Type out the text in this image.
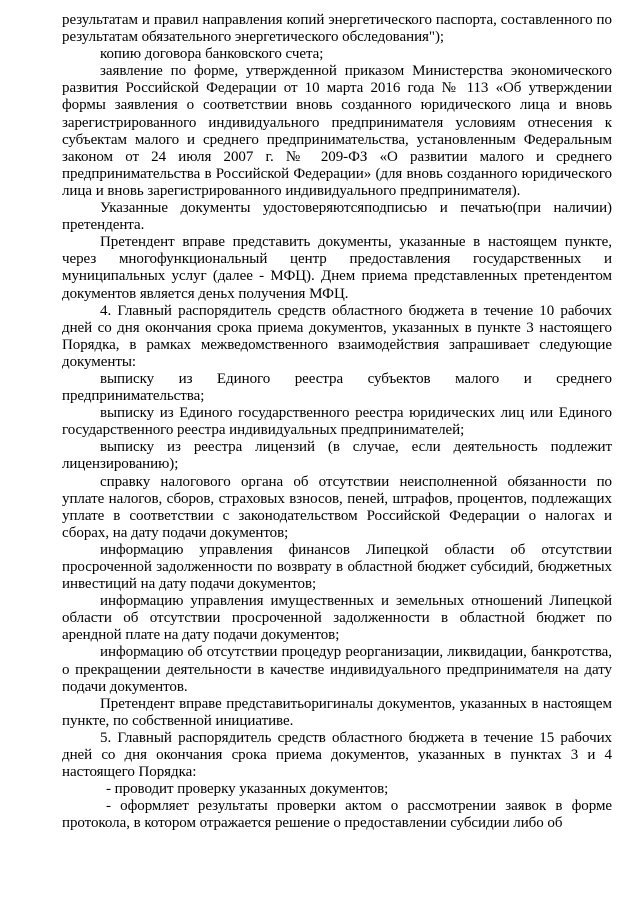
результатам и правил направления копий энергетического паспорта, составленного по результатам обязательного энергетического обследования");

копию договора банковского счета;

заявление по форме, утвержденной приказом Министерства экономического развития Российской Федерации от 10 марта 2016 года № 113 «Об утверждении формы заявления о соответствии вновь созданного юридического лица и вновь зарегистрированного индивидуального предпринимателя условиям отнесения к субъектам малого и среднего предпринимательства, установленным Федеральным законом от 24 июля 2007 г. № 209-ФЗ «О развитии малого и среднего предпринимательства в Российской Федерации» (для вновь созданного юридического лица и вновь зарегистрированного индивидуального предпринимателя).

Указанные документы удостоверяютсяподписью и печатью(при наличии) претендента.

Претендент вправе представить документы, указанные в настоящем пункте, через многофункциональный центр предоставления государственных и муниципальных услуг (далее - МФЦ). Днем приема представленных претендентом документов является деньх получения МФЦ.

4. Главный распорядитель средств областного бюджета в течение 10 рабочих дней со дня окончания срока приема документов, указанных в пункте 3 настоящего Порядка, в рамках межведомственного взаимодействия запрашивает следующие документы:

выписку из Единого реестра субъектов малого и среднего предпринимательства;

выписку из Единого государственного реестра юридических лиц или Единого государственного реестра индивидуальных предпринимателей;

выписку из реестра лицензий (в случае, если деятельность подлежит лицензированию);

справку налогового органа об отсутствии неисполненной обязанности по уплате налогов, сборов, страховых взносов, пеней, штрафов, процентов, подлежащих уплате в соответствии с законодательством Российской Федерации о налогах и сборах, на дату подачи документов;

информацию управления финансов Липецкой области об отсутствии просроченной задолженности по возврату в областной бюджет субсидий, бюджетных инвестиций на дату подачи документов;

информацию управления имущественных и земельных отношений Липецкой области об отсутствии просроченной задолженности в областной бюджет по арендной плате на дату подачи документов;

информацию об отсутствии процедур реорганизации, ликвидации, банкротства, о прекращении деятельности в качестве индивидуального предпринимателя на дату подачи документов.

Претендент вправе представитьоригиналы документов, указанных в настоящем пункте, по собственной инициативе.

5. Главный распорядитель средств областного бюджета в течение 15 рабочих дней со дня окончания срока приема документов, указанных в пунктах 3 и 4 настоящего Порядка:

- проводит проверку указанных документов;

- оформляет результаты проверки актом о рассмотрении заявок в форме протокола, в котором отражается решение о предоставлении субсидии либо об
